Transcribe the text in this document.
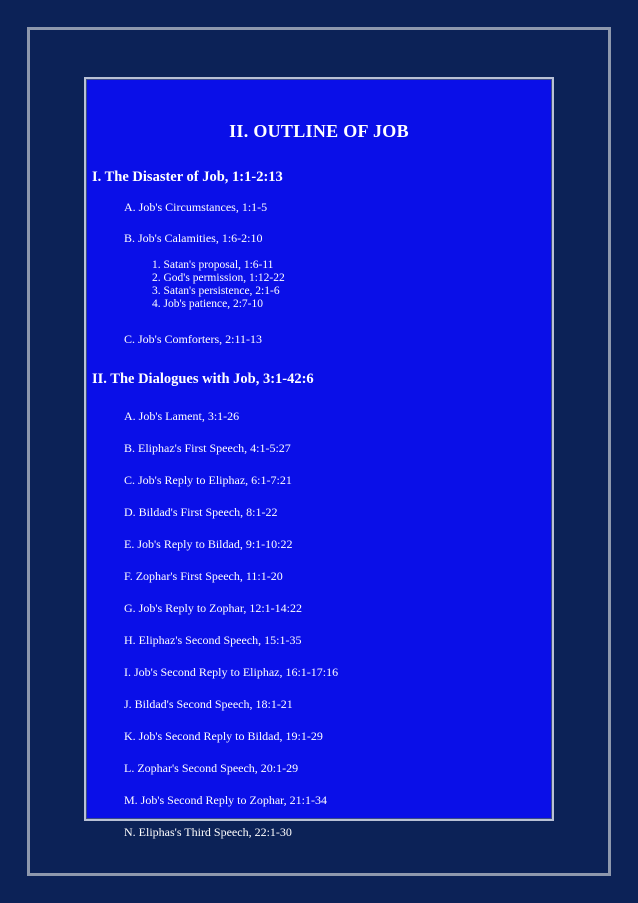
II. OUTLINE OF JOB
I. The Disaster of Job, 1:1-2:13
A. Job's Circumstances, 1:1-5
B. Job's Calamities, 1:6-2:10
1. Satan's proposal, 1:6-11
2. God's permission, 1:12-22
3. Satan's persistence, 2:1-6
4. Job's patience, 2:7-10
C. Job's Comforters, 2:11-13
II. The Dialogues with Job, 3:1-42:6
A. Job's Lament, 3:1-26
B. Eliphaz's First Speech, 4:1-5:27
C. Job's Reply to Eliphaz, 6:1-7:21
D. Bildad's First Speech, 8:1-22
E. Job's Reply to Bildad, 9:1-10:22
F. Zophar's First Speech, 11:1-20
G. Job's Reply to Zophar, 12:1-14:22
H. Eliphaz's Second Speech, 15:1-35
I. Job's Second Reply to Eliphaz, 16:1-17:16
J. Bildad's Second Speech, 18:1-21
K. Job's Second Reply to Bildad, 19:1-29
L. Zophar's Second Speech, 20:1-29
M. Job's Second Reply to Zophar, 21:1-34
N. Eliphas's Third Speech, 22:1-30
